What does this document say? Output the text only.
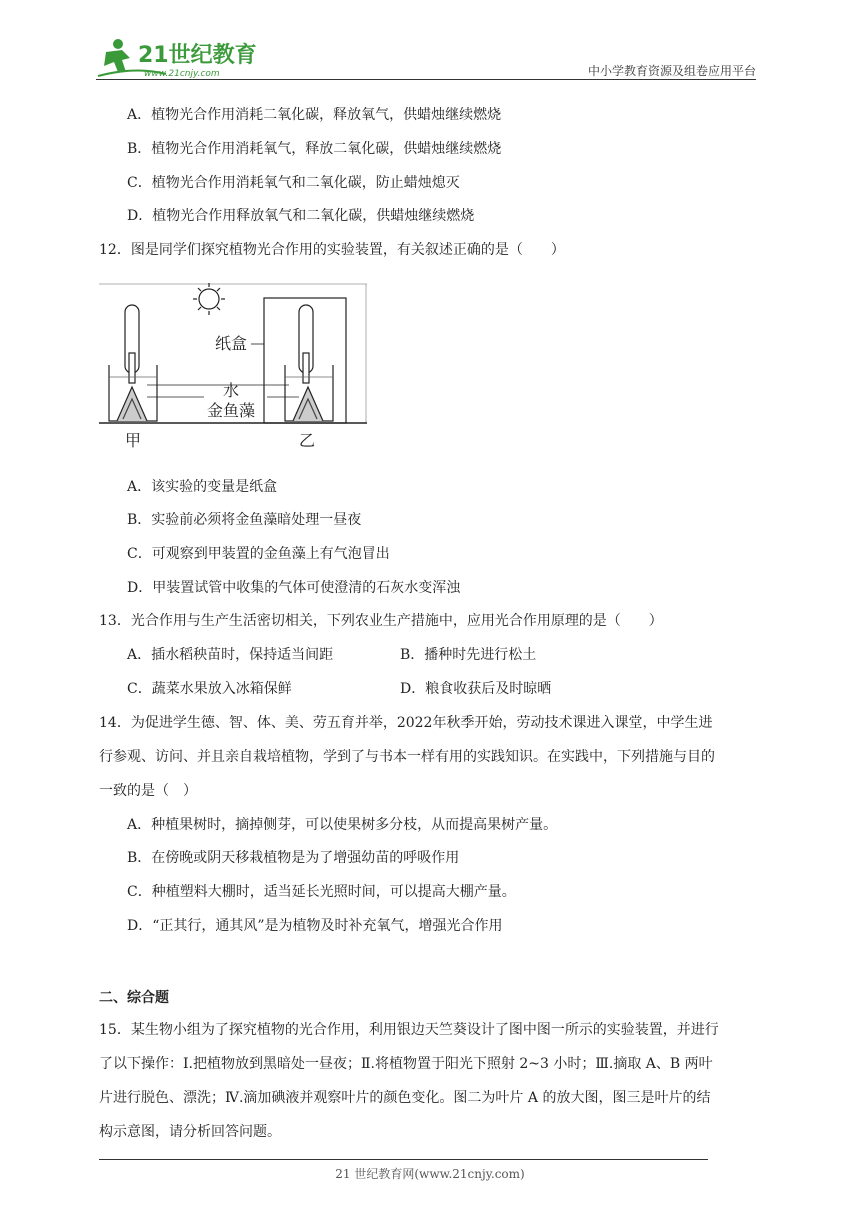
21世纪教育
www.21cnjy.com	中小学教育资源及组卷应用平台
A．植物光合作用消耗二氧化碳，释放氧气，供蜡烛继续燃烧
B．植物光合作用消耗氧气，释放二氧化碳，供蜡烛继续燃烧
C．植物光合作用消耗氧气和二氧化碳，防止蜡烛熄灭
D．植物光合作用释放氧气和二氧化碳，供蜡烛继续燃烧
12．图是同学们探究植物光合作用的实验装置，有关叙述正确的是（　　）
纸盒
水
金鱼藻
甲	乙
A．该实验的变量是纸盒
B．实验前必须将金鱼藻暗处理一昼夜
C．可观察到甲装置的金鱼藻上有气泡冒出
D．甲装置试管中收集的气体可使澄清的石灰水变浑浊
13．光合作用与生产生活密切相关，下列农业生产措施中，应用光合作用原理的是（　　）
A．插水稻秧苗时，保持适当间距	B．播种时先进行松土
C．蔬菜水果放入冰箱保鲜	D．粮食收获后及时晾晒
14．为促进学生德、智、体、美、劳五育并举，2022年秋季开始，劳动技术课进入课堂，中学生进
行参观、访问、并且亲自栽培植物，学到了与书本一样有用的实践知识。在实践中，下列措施与目的
一致的是（　）
A．种植果树时，摘掉侧芽，可以使果树多分枝，从而提高果树产量。
B．在傍晚或阴天移栽植物是为了增强幼苗的呼吸作用
C．种植塑料大棚时，适当延长光照时间，可以提高大棚产量。
D．“正其行，通其风”是为植物及时补充氧气，增强光合作用
二、综合题
15．某生物小组为了探究植物的光合作用，利用银边天竺葵设计了图中图一所示的实验装置，并进行
了以下操作：Ⅰ.把植物放到黑暗处一昼夜；Ⅱ.将植物置于阳光下照射 2~3 小时；Ⅲ.摘取 A、B 两叶
片进行脱色、漂洗；Ⅳ.滴加碘液并观察叶片的颜色变化。图二为叶片 A 的放大图，图三是叶片的结
构示意图，请分析回答问题。
21 世纪教育网(www.21cnjy.com)
